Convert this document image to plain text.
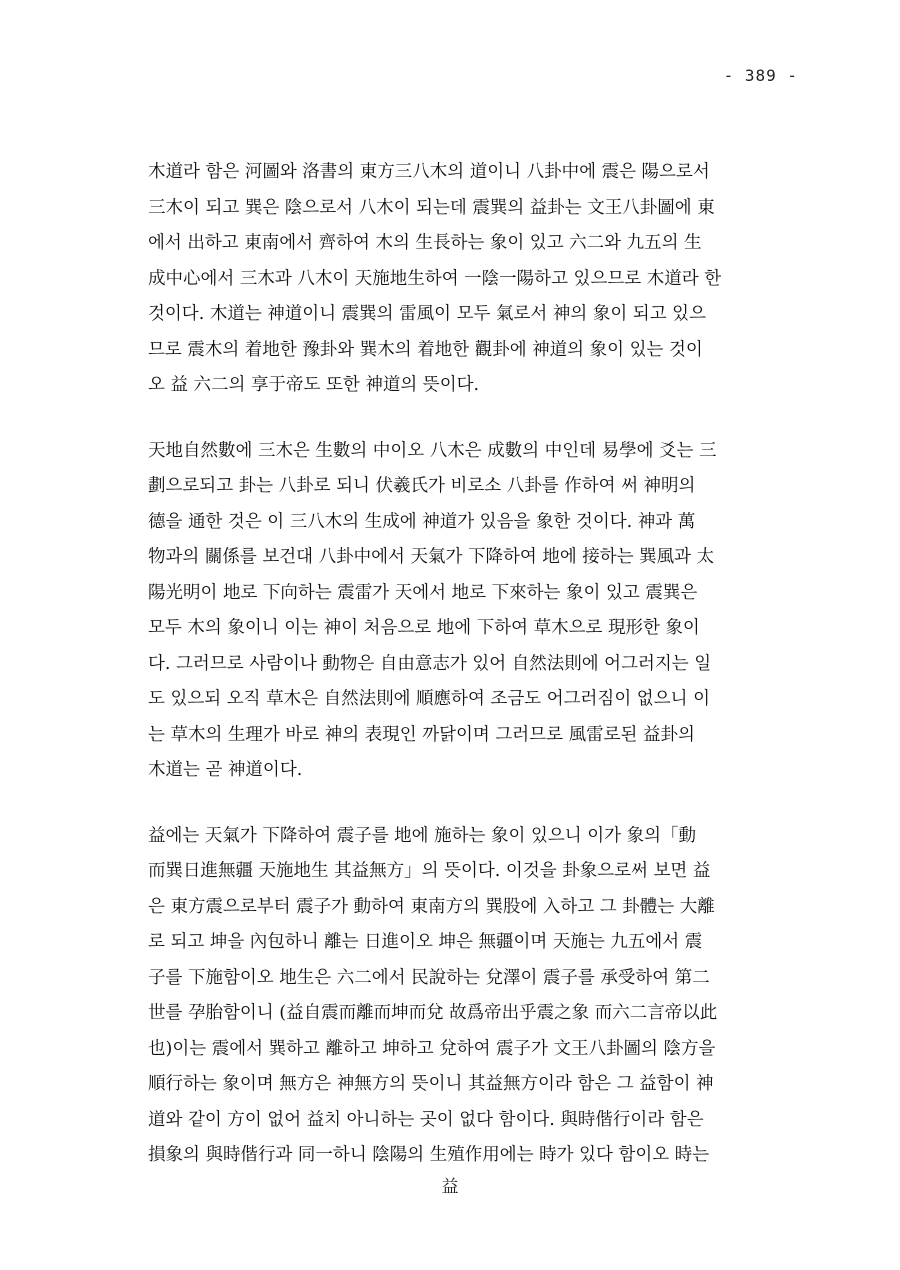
- 389 -
木道라 함은 河圖와 洛書의 東方三八木의 道이니 八卦中에 震은 陽으로서
三木이 되고 巽은 陰으로서 八木이 되는데 震巽의 益卦는 文王八卦圖에 東
에서 出하고 東南에서 齊하여 木의 生長하는 象이 있고 六二와 九五의 生
成中心에서 三木과 八木이 天施地生하여 一陰一陽하고 있으므로 木道라 한
것이다. 木道는 神道이니 震巽의 雷風이 모두 氣로서 神의 象이 되고 있으
므로 震木의 着地한 豫卦와 巽木의 着地한 觀卦에 神道의 象이 있는 것이
오 益 六二의 享于帝도 또한 神道의 뜻이다.
天地自然數에 三木은 生數의 中이오 八木은 成數의 中인데 易學에 爻는 三
劃으로되고 卦는 八卦로 되니 伏羲氏가 비로소 八卦를 作하여 써 神明의
德을 通한 것은 이 三八木의 生成에 神道가 있음을 象한 것이다. 神과 萬
物과의 關係를 보건대 八卦中에서 天氣가 下降하여 地에 接하는 巽風과 太
陽光明이 地로 下向하는 震雷가 天에서 地로 下來하는 象이 있고 震巽은
모두 木의 象이니 이는 神이 처음으로 地에 下하여 草木으로 現形한 象이
다. 그러므로 사람이나 動物은 自由意志가 있어 自然法則에 어그러지는 일
도 있으되 오직 草木은 自然法則에 順應하여 조금도 어그러짐이 없으니 이
는 草木의 生理가 바로 神의 表現인 까닭이며 그러므로 風雷로된 益卦의
木道는 곧 神道이다.
益에는 天氣가 下降하여 震子를 地에 施하는 象이 있으니 이가 象의「動
而巽日進無疆 天施地生 其益無方」의 뜻이다. 이것을 卦象으로써 보면 益
은 東方震으로부터 震子가 動하여 東南方의 巽股에 入하고 그 卦體는 大離
로 되고 坤을 內包하니 離는 日進이오 坤은 無疆이며 天施는 九五에서 震
子를 下施함이오 地生은 六二에서 民說하는 兌澤이 震子를 承受하여 第二
世를 孕胎함이니 (益自震而離而坤而兌 故爲帝出乎震之象 而六二言帝以此
也)이는 震에서 巽하고 離하고 坤하고 兌하여 震子가 文王八卦圖의 陰方을
順行하는 象이며 無方은 神無方의 뜻이니 其益無方이라 함은 그 益함이 神
道와 같이 方이 없어 益치 아니하는 곳이 없다 함이다. 與時偕行이라 함은
損象의 與時偕行과 同一하니 陰陽의 生殖作用에는 時가 있다 함이오 時는
益
